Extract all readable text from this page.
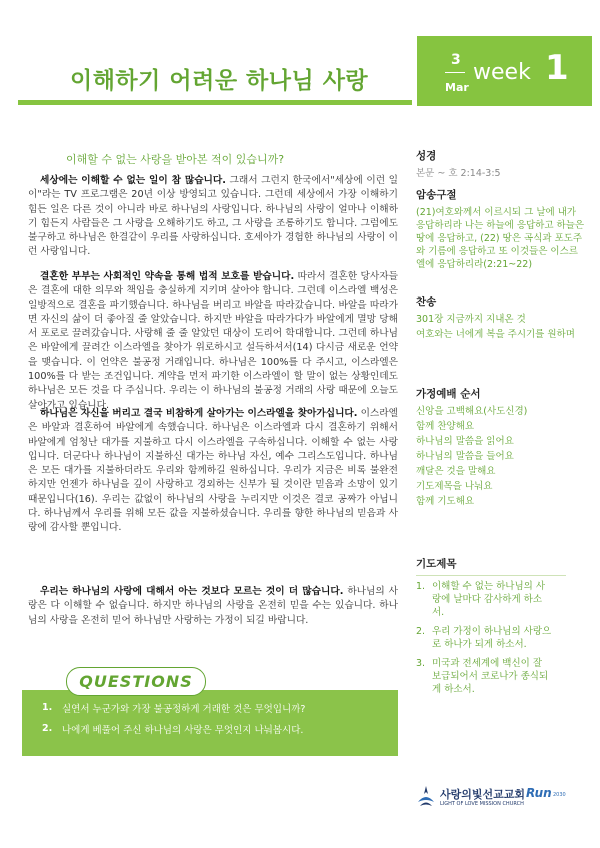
이해하기 어려운 하나님 사랑
3
Mar
week 1
이해할 수 없는 사랑을 받아본 적이 있습니까?

세상에는 이해할 수 없는 일이 참 많습니다. 그래서 그런지 한국에서"세상에 이런 일이"라는 TV 프로그램은 20년 이상 방영되고 있습니다. 그런데 세상에서 가장 이해하기 힘든 일은 다른 것이 아니라 바로 하나님의 사랑입니다. 하나님의 사랑이 얼마나 이해하기 힘든지 사람들은 그 사랑을 오해하기도 하고, 그 사랑을 조롱하기도 합니다. 그럼에도 불구하고 하나님은 한결같이 우리를 사랑하십니다. 호세아가 경험한 하나님의 사랑이 이런 사랑입니다.

결혼한 부부는 사회적인 약속을 통해 법적 보호를 받습니다. 따라서 결혼한 당사자들은 결혼에 대한 의무와 책임을 충실하게 지키며 살아야 합니다. 그런데 이스라엘 백성은 일방적으로 결혼을 파기했습니다. 하나님을 버리고 바알을 따라갔습니다. 바알을 따라가면 자신의 삶이 더 좋아질 줄 알았습니다. 하지만 바알을 따라가다가 바알에게 멸망 당해서 포로로 끌려갔습니다. 사랑해 줄 줄 알았던 대상이 도리어 학대합니다. 그런데 하나님은 바알에게 끌려간 이스라엘을 찾아가 위로하시고 설득하셔서(14) 다시금 새로운 언약을 맺습니다. 이 언약은 불공정 거래입니다. 하나님은 100%를 다 주시고, 이스라엘은 100%를 다 받는 조건입니다. 계약을 먼저 파기한 이스라엘이 할 말이 없는 상황인데도 하나님은 모든 것을 다 주십니다. 우리는 이 하나님의 불공정 거래의 사랑 때문에 오늘도 살아가고 있습니다.

하나님은 자신을 버리고 결국 비참하게 살아가는 이스라엘을 찾아가십니다. 이스라엘은 바알과 결혼하여 바알에게 속했습니다. 하나님은 이스라엘과 다시 결혼하기 위해서 바알에게 엄청난 대가를 지불하고 다시 이스라엘을 구속하십니다. 이해할 수 없는 사랑입니다. 더군다나 하나님이 지불하신 대가는 하나님 자신, 예수 그리스도입니다. 하나님은 모든 대가를 지불하더라도 우리와 함께하길 원하십니다. 우리가 지금은 비록 불완전하지만 언젠가 하나님을 깊이 사랑하고 경외하는 신부가 될 것이란 믿음과 소망이 있기 때문입니다(16). 우리는 값없이 하나님의 사랑을 누리지만 이것은 결코 공짜가 아닙니다. 하나님께서 우리를 위해 모든 값을 지불하셨습니다. 우리를 향한 하나님의 믿음과 사랑에 감사할 뿐입니다.

우리는 하나님의 사랑에 대해서 아는 것보다 모르는 것이 더 많습니다. 하나님의 사랑은 다 이해할 수 없습니다. 하지만 하나님의 사랑을 온전히 믿을 수는 있습니다. 하나님의 사랑을 온전히 믿어 하나님만 사랑하는 가정이 되길 바랍니다.

QUESTIONS
1.	실연서 누군가와 가장 불공정하게 거래한 것은 무엇입니까?
2.	나에게 베풀어 주신 하나님의 사랑은 무엇인지 나눠봅시다.
성경
본문 ~ 호 2:14-3:5
암송구절
(21)여호와께서 이르시되 그 날에 내가 응답하리라 나는 하늘에 응답하고 하늘은 땅에 응답하고, (22) 땅은 곡식과 포도주와 기름에 응답하고 또 이것들은 이스르엘에 응답하리라(2:21~22)
찬송
301장 지금까지 지내온 것
여호와는 너에게 복을 주시기를 원하며
가정예배 순서
신앙을 고백해요(사도신경)
함께 찬양해요
하나님의 말씀을 읽어요
하나님의 말씀을 들어요
깨달은 것을 말해요
기도제목을 나눠요
함께 기도해요
기도제목
1. 이해할 수 없는 하나님의 사랑에 날마다 감사하게 하소서.
2. 우리 가정이 하나님의 사랑으로 하나가 되게 하소서.
3. 미국과 전세계에 백신이 잘 보급되어서 코로나가 종식되게 하소서.
사랑의빛선교교회
LIGHT OF LOVE MISSION CHURCH
Run 2030
